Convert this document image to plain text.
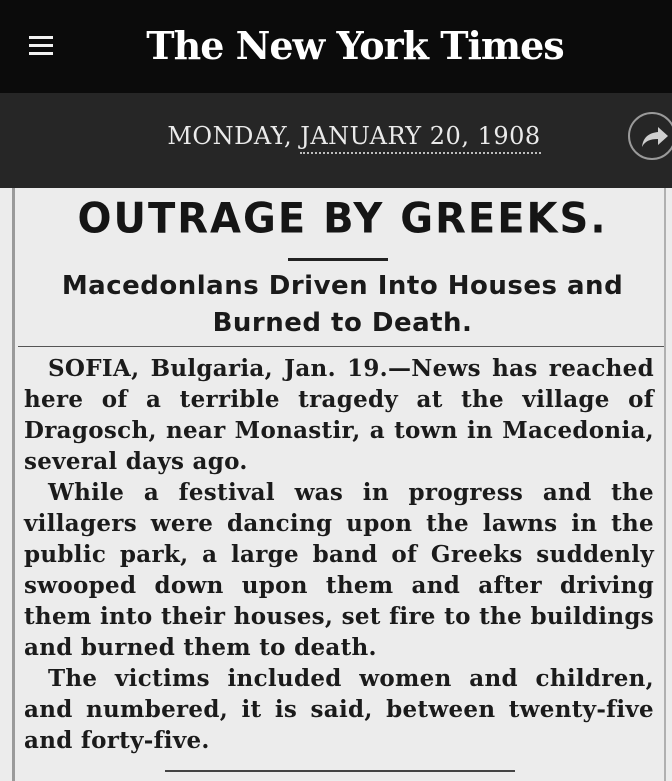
The New York Times
MONDAY, JANUARY 20, 1908
OUTRAGE BY GREEKS.
Macedonlans Driven Into Houses and Burned to Death.

SOFIA, Bulgaria, Jan. 19.—News has reached here of a terrible tragedy at the village of Dragosch, near Monastir, a town in Macedonia, several days ago.

While a festival was in progress and the villagers were dancing upon the lawns in the public park, a large band of Greeks suddenly swooped down upon them and after driving them into their houses, set fire to the buildings and burned them to death.

The victims included women and children, and numbered, it is said, between twenty-five and forty-five.
